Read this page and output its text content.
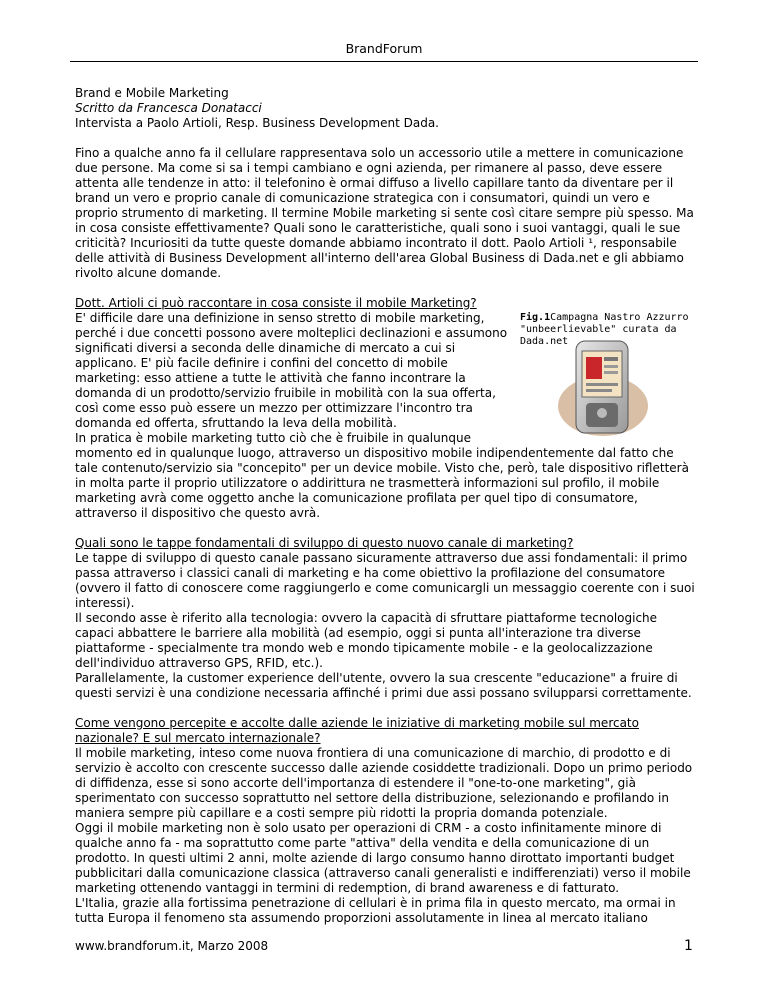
BrandForum

Brand e Mobile Marketing

Scritto da Francesca Donatacci

Intervista a Paolo Artioli, Resp. Business Development Dada.

Fino a qualche anno fa il cellulare rappresentava solo un accessorio utile a mettere in comunicazione due persone. Ma come si sa i tempi cambiano e ogni azienda, per rimanere al passo, deve essere attenta alle tendenze in atto: il telefonino è ormai diffuso a livello capillare tanto da diventare per il brand un vero e proprio canale di comunicazione strategica con i consumatori, quindi un vero e proprio strumento di marketing. Il termine Mobile marketing si sente così citare sempre più spesso. Ma in cosa consiste effettivamente? Quali sono le caratteristiche, quali sono i suoi vantaggi, quali le sue criticità? Incuriositi da tutte queste domande abbiamo incontrato il dott. Paolo Artioli ¹, responsabile delle attività di Business Development all'interno dell'area Global Business di Dada.net e gli abbiamo rivolto alcune domande.

Dott. Artioli ci può raccontare in cosa consiste il mobile Marketing?

Fig.1Campagna Nastro Azzurro "unbeerlievable" curata da Dada.net

E' difficile dare una definizione in senso stretto di mobile marketing, perché i due concetti possono avere molteplici declinazioni e assumono significati diversi a seconda delle dinamiche di mercato a cui si applicano. E' più facile definire i confini del concetto di mobile marketing: esso attiene a tutte le attività che fanno incontrare la domanda di un prodotto/servizio fruibile in mobilità con la sua offerta, così come esso può essere un mezzo per ottimizzare l'incontro tra domanda ed offerta, sfruttando la leva della mobilità.

In pratica è mobile marketing tutto ciò che è fruibile in qualunque momento ed in qualunque luogo, attraverso un dispositivo mobile indipendentemente dal fatto che tale contenuto/servizio sia "concepito" per un device mobile. Visto che, però, tale dispositivo rifletterà in molta parte il proprio utilizzatore o addirittura ne trasmetterà informazioni sul profilo, il mobile marketing avrà come oggetto anche la comunicazione profilata per quel tipo di consumatore, attraverso il dispositivo che questo avrà.

Quali sono le tappe fondamentali di sviluppo di questo nuovo canale di marketing?

Le tappe di sviluppo di questo canale passano sicuramente attraverso due assi fondamentali: il primo passa attraverso i classici canali di marketing e ha come obiettivo la profilazione del consumatore (ovvero il fatto di conoscere come raggiungerlo e come comunicargli un messaggio coerente con i suoi interessi).

Il secondo asse è riferito alla tecnologia: ovvero la capacità di sfruttare piattaforme tecnologiche capaci abbattere le barriere alla mobilità (ad esempio, oggi si punta all'interazione tra diverse piattaforme - specialmente tra mondo web e mondo tipicamente mobile - e la geolocalizzazione dell'individuo attraverso GPS, RFID, etc.).

Parallelamente, la customer experience dell'utente, ovvero la sua crescente "educazione" a fruire di questi servizi è una condizione necessaria affinché i primi due assi possano svilupparsi correttamente.

Come vengono percepite e accolte dalle aziende le iniziative di marketing mobile sul mercato nazionale? E sul mercato internazionale?

Il mobile marketing, inteso come nuova frontiera di una comunicazione di marchio, di prodotto e di servizio è accolto con crescente successo dalle aziende cosiddette tradizionali. Dopo un primo periodo di diffidenza, esse si sono accorte dell'importanza di estendere il "one-to-one marketing", già sperimentato con successo soprattutto nel settore della distribuzione, selezionando e profilando in maniera sempre più capillare e a costi sempre più ridotti la propria domanda potenziale.

Oggi il mobile marketing non è solo usato per operazioni di CRM - a costo infinitamente minore di qualche anno fa - ma soprattutto come parte "attiva" della vendita e della comunicazione di un prodotto. In questi ultimi 2 anni, molte aziende di largo consumo hanno dirottato importanti budget pubblicitari dalla comunicazione classica (attraverso canali generalisti e indifferenziati) verso il mobile marketing ottenendo vantaggi in termini di redemption, di brand awareness e di fatturato.

L'Italia, grazie alla fortissima penetrazione di cellulari è in prima fila in questo mercato, ma ormai in tutta Europa il fenomeno sta assumendo proporzioni assolutamente in linea al mercato italiano

www.brandforum.it, Marzo 2008	1
